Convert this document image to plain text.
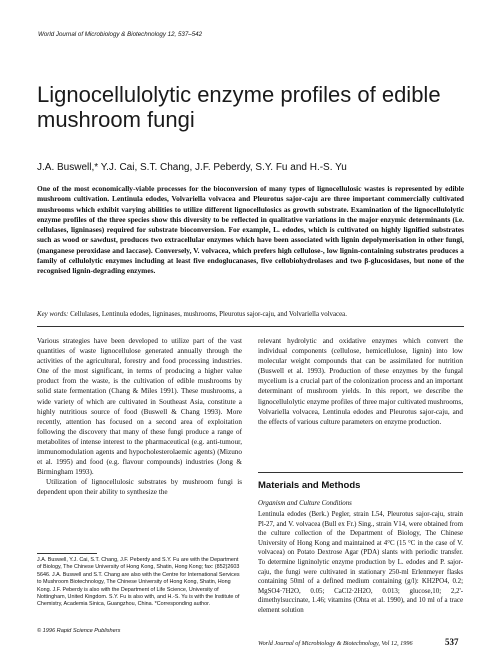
World Journal of Microbiology & Biotechnology 12, 537–542
Lignocellulolytic enzyme profiles of edible mushroom fungi
J.A. Buswell,* Y.J. Cai, S.T. Chang, J.F. Peberdy, S.Y. Fu and H.-S. Yu
One of the most economically-viable processes for the bioconversion of many types of lignocellulosic wastes is represented by edible mushroom cultivation. Lentinula edodes, Volvariella volvacea and Pleurotus sajor-caju are three important commercially cultivated mushrooms which exhibit varying abilities to utilize different lignocellulosics as growth substrate. Examination of the lignocellulolytic enzyme profiles of the three species show this diversity to be reflected in qualitative variations in the major enzymic determinants (i.e. cellulases, ligninases) required for substrate bioconversion. For example, L. edodes, which is cultivated on highly lignified substrates such as wood or sawdust, produces two extracellular enzymes which have been associated with lignin depolymerisation in other fungi, (manganese peroxidase and laccase). Conversely, V. volvacea, which prefers high cellulose-, low lignin-containing substrates produces a family of cellulolytic enzymes including at least five endoglucanases, five cellobiohydrolases and two β-glucosidases, but none of the recognised lignin-degrading enzymes.
Key words: Cellulases, Lentinula edodes, ligninases, mushrooms, Pleurotus sajor-caju, and Volvariella volvacea.

Various strategies have been developed to utilize part of the vast quantities of waste lignocellulose generated annually through the activities of the agricultural, forestry and food processing industries. One of the most significant, in terms of producing a higher value product from the waste, is the cultivation of edible mushrooms by solid state fermentation (Chang & Miles 1991). These mushrooms, a wide variety of which are cultivated in Southeast Asia, constitute a highly nutritious source of food (Buswell & Chang 1993). More recently, attention has focused on a second area of exploitation following the discovery that many of these fungi produce a range of metabolites of intense interest to the pharmaceutical (e.g. anti-tumour, immunomodulation agents and hypocholesterolaemic agents) (Mizuno et al. 1995) and food (e.g. flavour compounds) industries (Jong & Birmingham 1993).

Utilization of lignocellulosic substrates by mushroom fungi is dependent upon their ability to synthesize the

relevant hydrolytic and oxidative enzymes which convert the individual components (cellulose, hemicellulose, lignin) into low molecular weight compounds that can be assimilated for nutrition (Buswell et al. 1993). Production of these enzymes by the fungal mycelium is a crucial part of the colonization process and an important determinant of mushroom yields. In this report, we describe the lignocellulolytic enzyme profiles of three major cultivated mushrooms, Volvariella volvacea, Lentinula edodes and Pleurotus sajor-caju, and the effects of various culture parameters on enzyme production.

Materials and Methods
Organism and Culture Conditions
Lentinula edodes (Berk.) Pegler, strain L54, Pleurotus sajor-caju, strain Pl-27, and V. volvacea (Bull ex Fr.) Sing., strain V14, were obtained from the culture collection of the Department of Biology, The Chinese University of Hong Kong and maintained at 4°C (15 °C in the case of V. volvacea) on Potato Dextrose Agar (PDA) slants with periodic transfer. To determine ligninolytic enzyme production by L. edodes and P. sajor-caju, the fungi were cultivated in stationary 250-ml Erlenmeyer flasks containing 50ml of a defined medium containing (g/l): KH2PO4, 0.2; MgSO4·7H2O, 0.05; CaCl2·2H2O, 0.013; glucose,10; 2,2'-dimethylsuccinate, 1.46; vitamins (Ohta et al. 1990), and 10 ml of a trace element solution
J.A. Buswell, Y.J. Cai, S.T. Chang, J.F. Peberdy and S.Y. Fu are with the Department of Biology, The Chinese University of Hong Kong, Shatin, Hong Kong; fax: (852)2603 5646. J.A. Buswell and S.T. Chang are also with the Centre for International Services to Mushroom Biotechnology, The Chinese University of Hong Kong, Shatin, Hong Kong. J.F. Peberdy is also with the Department of Life Science, University of Nottingham, United Kingdom. S.Y. Fu is also with, and H.-S. Yu is with the Institute of Chemistry, Academia Sinica, Guangzhou, China. *Corresponding author.
© 1996 Rapid Science Publishers
World Journal of Microbiology & Biotechnology, Vol 12, 1996	537
